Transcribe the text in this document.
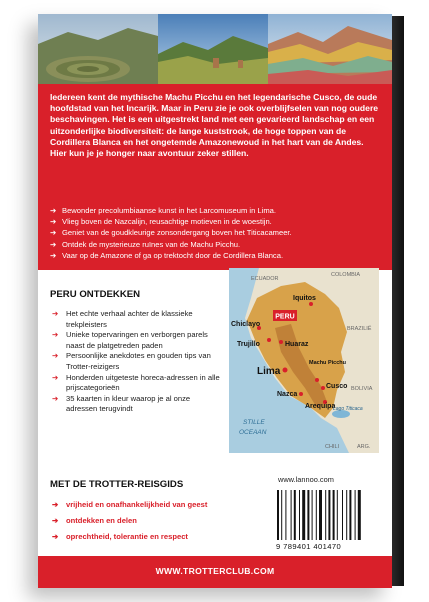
Iedereen kent de mythische Machu Picchu en het legendarische Cusco, de oude hoofdstad van het Incarijk. Maar in Peru zie je ook overblijfselen van nog oudere beschavingen. Het is een uitgestrekt land met een gevarieerd landschap en een uitzonderlijke biodiversiteit: de lange kuststrook, de hoge toppen van de Cordillera Blanca en het ongetemde Amazonewoud in het hart van de Andes. Hier kun je je honger naar avontuur zeker stillen.
➔ Bewonder precolumbiaanse kunst in het Larcomuseum in Lima.
➔ Vlieg boven de Nazcalijn, reusachtige motieven in de woestijn.
➔ Geniet van de goudkleurige zonsondergang boven het Titicacameer.
➔ Ontdek de mysterieuze ruïnes van de Machu Picchu.
➔ Vaar op de Amazone of ga op trektocht door de Cordillera Blanca.
PERU ONTDEKKEN
➔ Het echte verhaal achter de klassieke trekpleisters
➔ Unieke topervaringen en verborgen parels naast de platgetreden paden
➔ Persoonlijke anekdotes en gouden tips van Trotter-reizigers
➔ Honderden uitgeteste horeca-adressen in alle prijscategorieën
➔ 35 kaarten in kleur waarop je al onze adressen terugvindt
PERU
ECUADOR
COLOMBIA
BRAZILIË
BOLIVIA
CHILI	ARG.
Iquitos
Chiclayo
Trujillo	Huaraz
Lima
Machu Picchu
Cusco
Nazca
Arequipa
Lago Titicaca
STILLE
OCEAAN
MET DE TROTTER-REISGIDS
➔ vrijheid en onafhankelijkheid van geest
➔ ontdekken en delen
➔ oprechtheid, tolerantie en respect
www.lannoo.com
9 789401 401470
WWW.TROTTERCLUB.COM
